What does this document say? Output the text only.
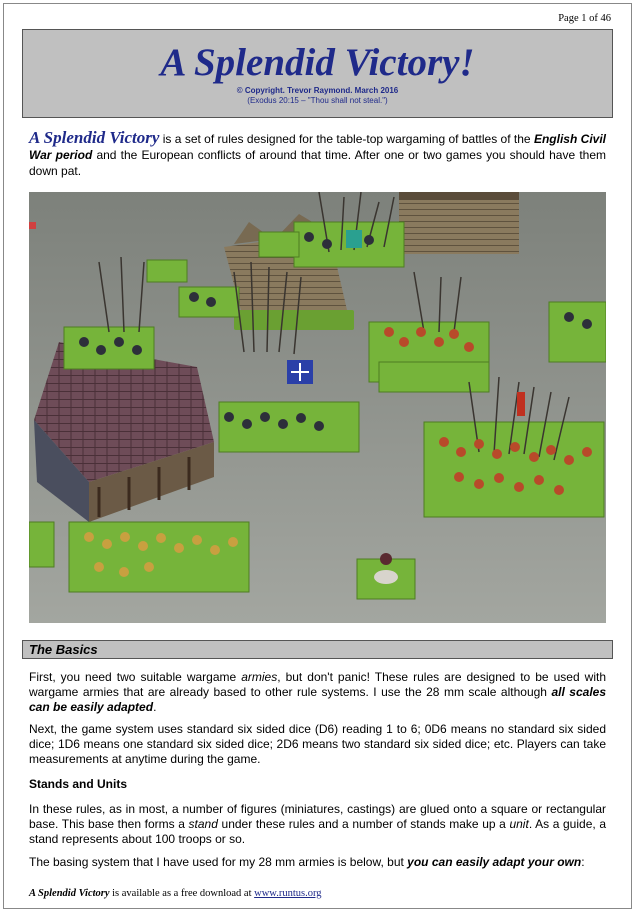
Page 1 of 46
A Splendid Victory!
© Copyright. Trevor Raymond. March 2016
(Exodus 20:15 – "Thou shall not steal.")
A Splendid Victory is a set of rules designed for the table-top wargaming of battles of the English Civil War period and the European conflicts of around that time. After one or two games you should have them down pat.
The Basics

First, you need two suitable wargame armies, but don't panic! These rules are designed to be used with wargame armies that are already based to other rule systems. I use the 28 mm scale although all scales can be easily adapted.

Next, the game system uses standard six sided dice (D6) reading 1 to 6; 0D6 means no standard six sided dice; 1D6 means one standard six sided dice; 2D6 means two standard six sided dice; etc. Players can take measurements at anytime during the game.

Stands and Units

In these rules, as in most, a number of figures (miniatures, castings) are glued onto a square or rectangular base. This base then forms a stand under these rules and a number of stands make up a unit. As a guide, a stand represents about 100 troops or so.

The basing system that I have used for my 28 mm armies is below, but you can easily adapt your own:

A Splendid Victory is available as a free download at www.runtus.org
